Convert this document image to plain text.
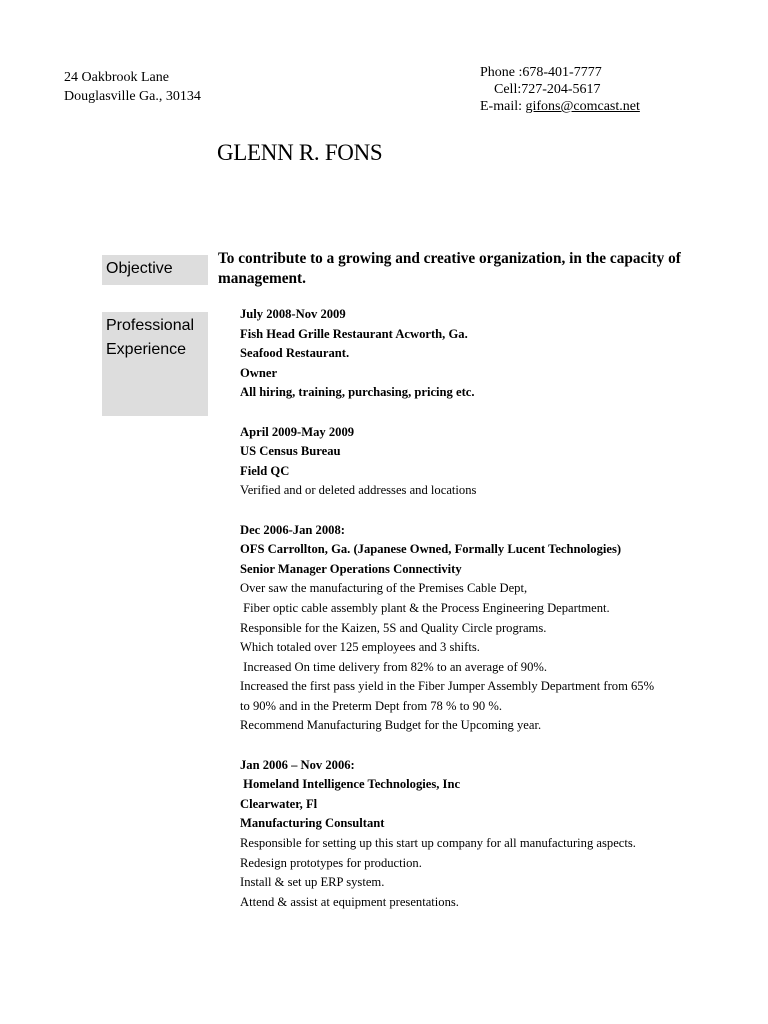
24 Oakbrook Lane
Douglasville Ga., 30134
Phone :678-401-7777
Cell:727-204-5617
E-mail: gifons@comcast.net
GLENN R. FONS
Objective
To contribute to a growing and creative organization, in the capacity of management.
Professional
Experience
July 2008-Nov 2009
Fish Head Grille Restaurant Acworth, Ga.
Seafood Restaurant.
Owner
All hiring, training, purchasing, pricing etc.
April 2009-May 2009
US Census Bureau
Field QC
Verified and or deleted addresses and locations
Dec 2006-Jan 2008:
OFS Carrollton, Ga. (Japanese Owned, Formally Lucent Technologies)
Senior Manager Operations Connectivity
Over saw the manufacturing of the Premises Cable Dept,
Fiber optic cable assembly plant & the Process Engineering Department.
Responsible for the Kaizen, 5S and Quality Circle programs.
Which totaled over 125 employees and 3 shifts.
Increased On time delivery from 82% to an average of 90%.
Increased the first pass yield in the Fiber Jumper Assembly Department from 65%
to 90% and in the Preterm Dept from 78 % to 90 %.
Recommend Manufacturing Budget for the Upcoming year.
Jan 2006 – Nov 2006:
Homeland Intelligence Technologies, Inc
Clearwater, Fl
Manufacturing Consultant
Responsible for setting up this start up company for all manufacturing aspects.
Redesign prototypes for production.
Install & set up ERP system.
Attend & assist at equipment presentations.
